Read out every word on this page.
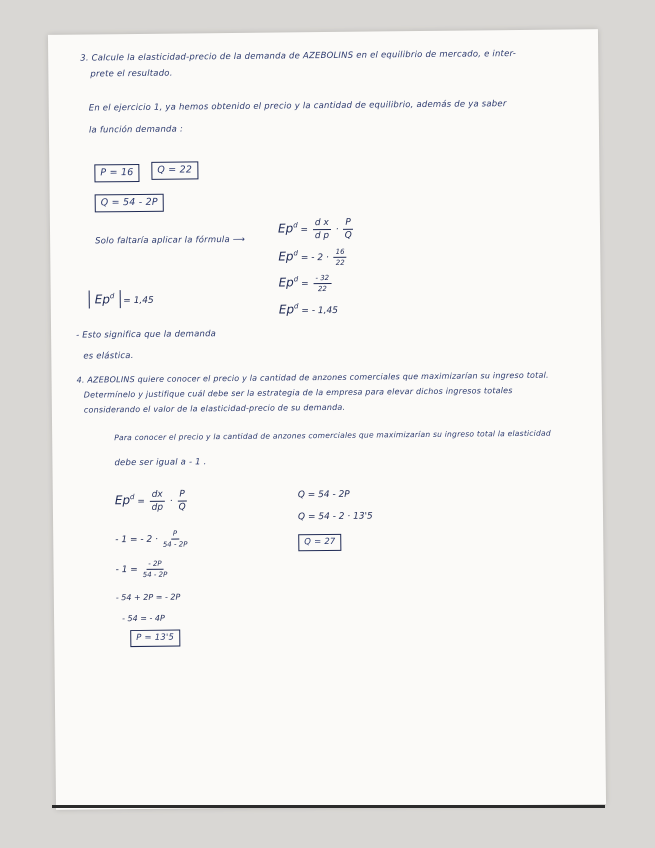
3. Calcule la elasticidad-precio de la demanda de AZEBOLINS en el equilibrio de mercado, e inter-
prete el resultado.
En el ejercicio 1, ya hemos obtenido el precio y la cantidad de equilibrio, además de ya saber
la función demanda :
P = 16	Q = 22
Q = 54 - 2P
Solo faltaría aplicar la fórmula ⟶
$Ep^d = \frac{\text{d x}}{\text{d p}} \cdot \frac{P}{Q}$
$Ep^d$ = - $2 \cdot \frac{16}{22}$
$Ep^d = \frac{- 32}{22}$
$Ep^d$ = - 1,45
$Ep^d = 1,45$
- Esto significa que la demanda
es elástica.
4. AZEBOLINS quiere conocer el precio y la cantidad de anzones comerciales que maximizarían su ingreso total.
Determínelo y justifique cuál debe ser la estrategia de la empresa para elevar dichos ingresos totales
considerando el valor de la elasticidad-precio de su demanda.
Para conocer el precio y la cantidad de anzones comerciales que maximizarían su ingreso total la elasticidad
debe ser igual a - 1 .
$Ep^d = \frac{dx}{dp} \cdot \frac{P}{Q}$
- 1 = - $2 \cdot \frac{P}{54 - 2P}$
- $1 = \frac{- 2P}{54 - 2P}$
- 54 + 2P = - 2P
- 54 = - 4P
P = 13'5
Q = 54 - 2P
Q = 54 - 2 · 13'5
Q = 27
